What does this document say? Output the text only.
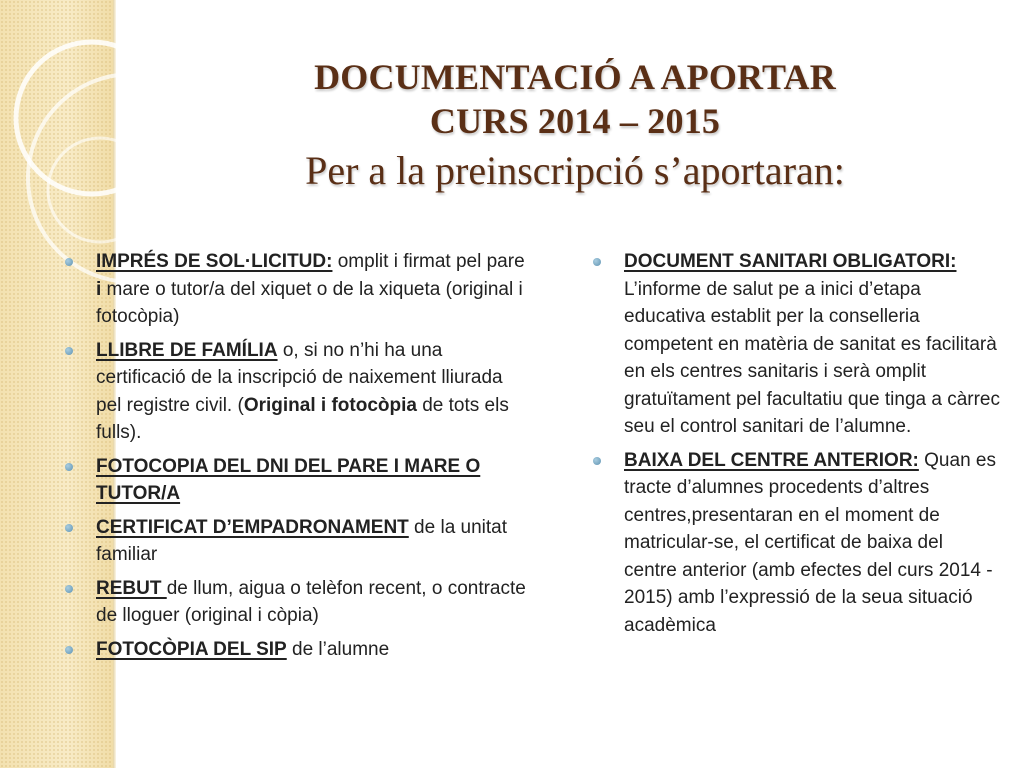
DOCUMENTACIÓ A APORTAR
CURS 2014 – 2015
Per a la preinscripció s’aportaran:
IMPRÉS DE SOL·LICITUD: omplit i firmat pel pare i mare o tutor/a del xiquet o de la xiqueta (original i fotocòpia)
LLIBRE DE FAMÍLIA o, si no n’hi ha una certificació de la inscripció de naixement lliurada pel registre civil. (Original i fotocòpia de tots els fulls).
FOTOCOPIA DEL DNI DEL PARE I MARE O TUTOR/A
CERTIFICAT D’EMPADRONAMENT de la unitat familiar
REBUT de llum, aigua o telèfon recent, o contracte de lloguer (original i còpia)
FOTOCÒPIA DEL SIP de l’alumne
DOCUMENT SANITARI OBLIGATORI: L’informe de salut pe a inici d’etapa educativa establit per la conselleria competent en matèria de sanitat es facilitarà en els centres sanitaris i serà omplit gratuïtament pel facultatiu que tinga a càrrec seu el control sanitari de l’alumne.
BAIXA DEL CENTRE ANTERIOR: Quan es tracte d’alumnes procedents d’altres centres,presentaran en el moment de matricular-se, el certificat de baixa del centre anterior (amb efectes del curs 2014 - 2015) amb l’expressió de la seua situació acadèmica
